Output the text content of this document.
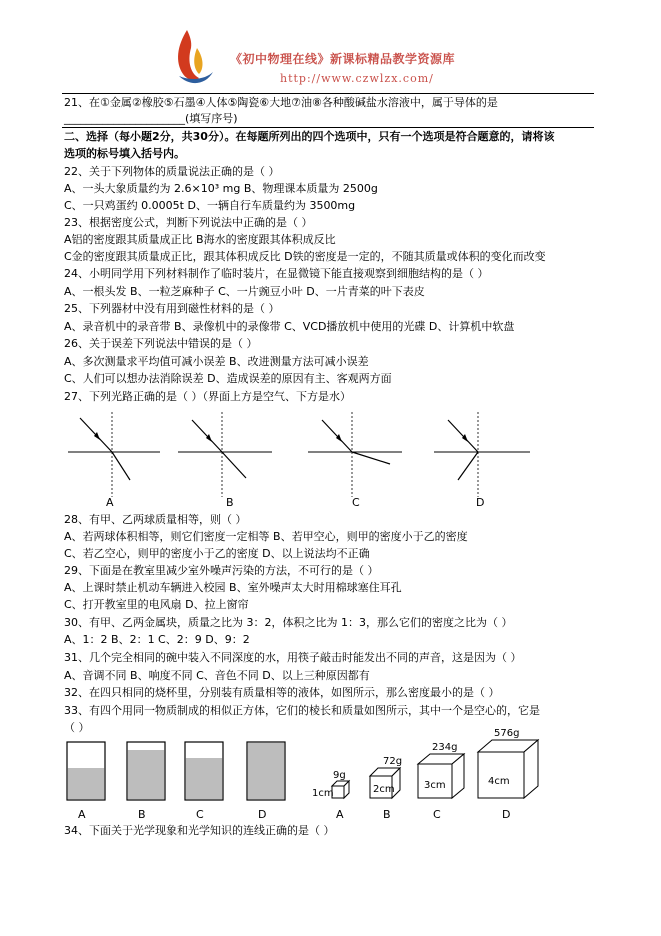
《初中物理在线》新课标精品教学资源库
http://www.czwlzx.com/
21、在①金属②橡胶⑤石墨④人体⑤陶瓷⑥大地⑦油⑧各种酸碱盐水溶液中，属于导体的是
______________________(填写序号)
二、选择（每小题2分，共30分）。在每题所列出的四个选项中，只有一个选项是符合题意的，请将该
选项的标号填入括号内。
22、关于下列物体的质量说法正确的是（ ）
A、一头大象质量约为 2.6×10³ mg B、物理课本质量为 2500g
C、一只鸡蛋约 0.0005t D、一辆自行车质量约为 3500mg
23、根据密度公式，判断下列说法中正确的是（ ）
A铝的密度跟其质量成正比 B海水的密度跟其体积成反比
C金的密度跟其质量成正比，跟其体积成反比 D铁的密度是一定的，不随其质量或体积的变化而改变
24、小明同学用下列材料制作了临时装片，在显微镜下能直接观察到细胞结构的是（ ）
A、一根头发 B、一粒芝麻种子 C、一片豌豆小叶 D、一片青菜的叶下表皮
25、下列器材中没有用到磁性材料的是（ ）
A、录音机中的录音带 B、录像机中的录像带 C、VCD播放机中使用的光碟 D、计算机中软盘
26、关于误差下列说法中错误的是（ ）
A、多次测量求平均值可减小误差 B、改进测量方法可减小误差
C、人们可以想办法消除误差 D、造成误差的原因有主、客观两方面
27、下列光路正确的是（ ）（界面上方是空气、下方是水）
A	B	C	D
28、有甲、乙两球质量相等，则（ ）
A、若两球体积相等，则它们密度一定相等 B、若甲空心，则甲的密度小于乙的密度
C、若乙空心，则甲的密度小于乙的密度 D、以上说法均不正确
29、下面是在教室里减少室外噪声污染的方法，不可行的是（ ）
A、上课时禁止机动车辆进入校园 B、室外噪声太大时用棉球塞住耳孔
C、打开教室里的电风扇 D、拉上窗帘
30、有甲、乙两金属块，质量之比为 3：2，体积之比为 1：3，那么它们的密度之比为（ ）
A、1：2 B、2：1 C、2：9 D、9：2
31、几个完全相同的碗中装入不同深度的水，用筷子敲击时能发出不同的声音，这是因为（ ）
A、音调不同 B、响度不同 C、音色不同 D、以上三种原因都有
32、在四只相同的烧杯里，分别装有质量相等的液体，如图所示，那么密度最小的是（ ）
33、有四个用同一物质制成的相似正方体，它们的棱长和质量如图所示，其中一个是空心的，它是
（ ）
A	B	C	D
9g
72g
234g
576g
1cm	2cm	3cm	4cm
A	B	C	D
34、下面关于光学现象和光学知识的连线正确的是（ ）
